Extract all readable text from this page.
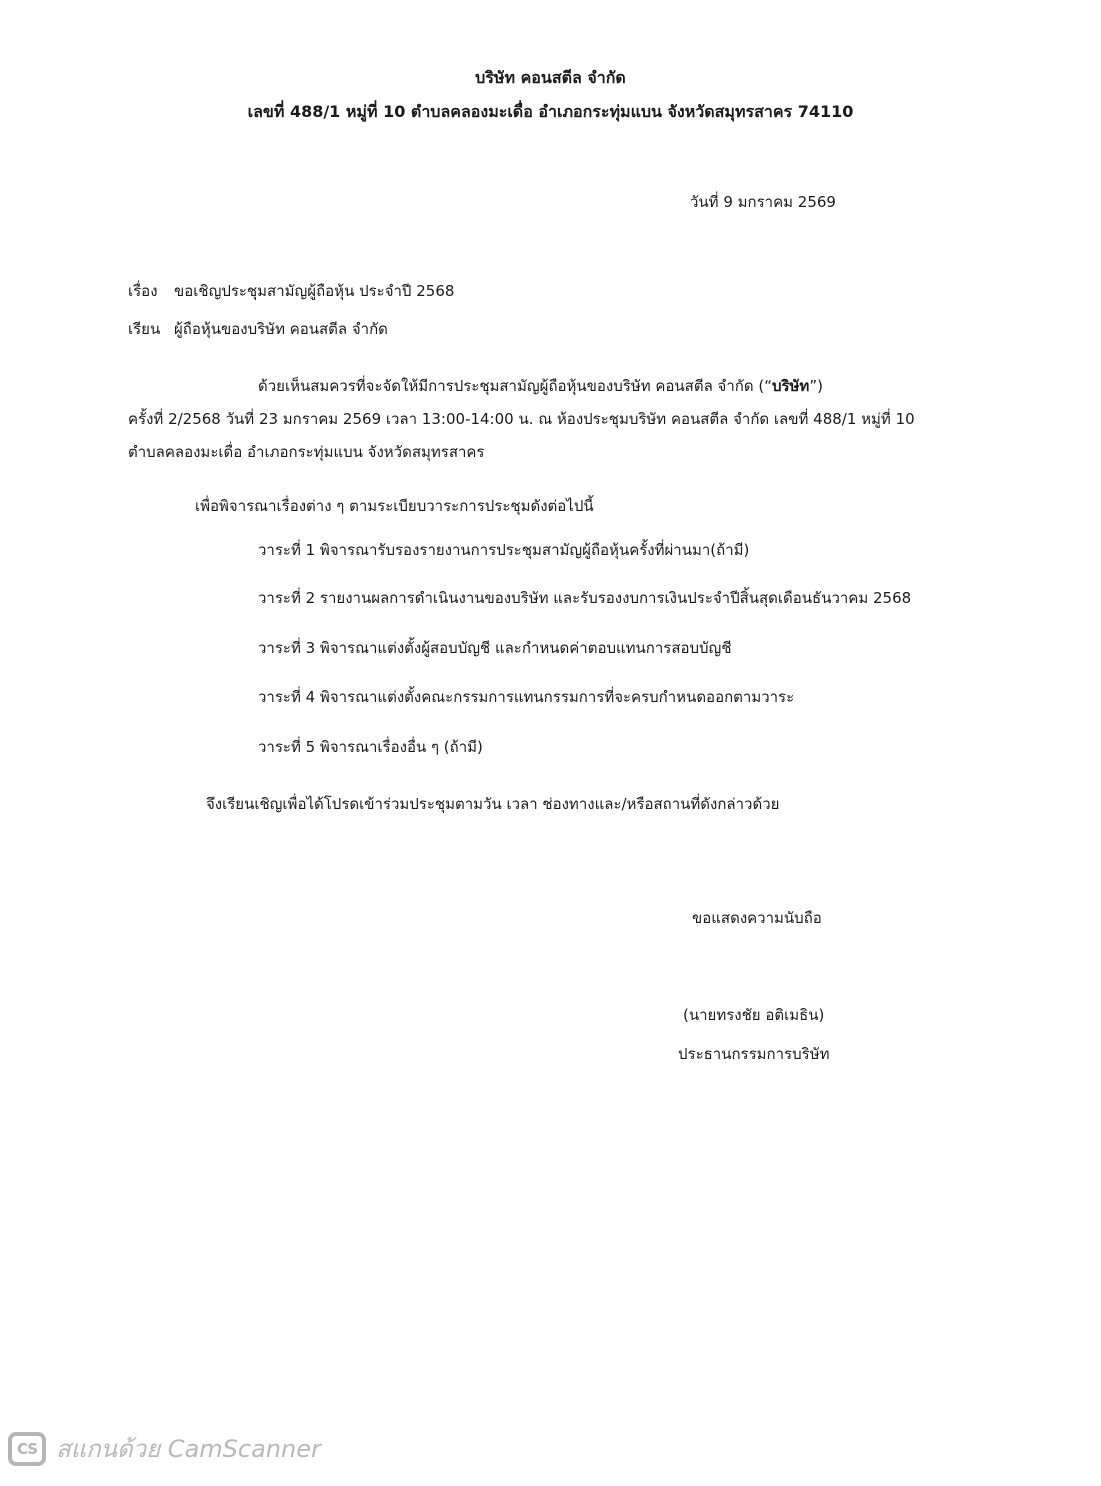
บริษัท คอนสตีล จำกัด
เลขที่ 488/1 หมู่ที่ 10 ตำบลคลองมะเดื่อ อำเภอกระทุ่มแบน จังหวัดสมุทรสาคร 74110
วันที่ 9 มกราคม 2569
เรื่อง ขอเชิญประชุมสามัญผู้ถือหุ้น ประจำปี 2568
เรียน ผู้ถือหุ้นของบริษัท คอนสตีล จำกัด
ด้วยเห็นสมควรที่จะจัดให้มีการประชุมสามัญผู้ถือหุ้นของบริษัท คอนสตีล จำกัด (“บริษัท”)
ครั้งที่ 2/2568 วันที่ 23 มกราคม 2569 เวลา 13:00-14:00 น. ณ ห้องประชุมบริษัท คอนสตีล จำกัด เลขที่ 488/1 หมู่ที่ 10
ตำบลคลองมะเดื่อ อำเภอกระทุ่มแบน จังหวัดสมุทรสาคร
เพื่อพิจารณาเรื่องต่าง ๆ ตามระเบียบวาระการประชุมดังต่อไปนี้
วาระที่ 1 พิจารณารับรองรายงานการประชุมสามัญผู้ถือหุ้นครั้งที่ผ่านมา(ถ้ามี)
วาระที่ 2 รายงานผลการดำเนินงานของบริษัท และรับรองงบการเงินประจำปีสิ้นสุดเดือนธันวาคม 2568
วาระที่ 3 พิจารณาแต่งตั้งผู้สอบบัญชี และกำหนดค่าตอบแทนการสอบบัญชี
วาระที่ 4 พิจารณาแต่งตั้งคณะกรรมการแทนกรรมการที่จะครบกำหนดออกตามวาระ
วาระที่ 5 พิจารณาเรื่องอื่น ๆ (ถ้ามี)
จึงเรียนเชิญเพื่อได้โปรดเข้าร่วมประชุมตามวัน เวลา ช่องทางและ/หรือสถานที่ดังกล่าวด้วย
ขอแสดงความนับถือ
(นายทรงชัย อติเมธิน)
ประธานกรรมการบริษัท
CS สแกนด้วย CamScanner
